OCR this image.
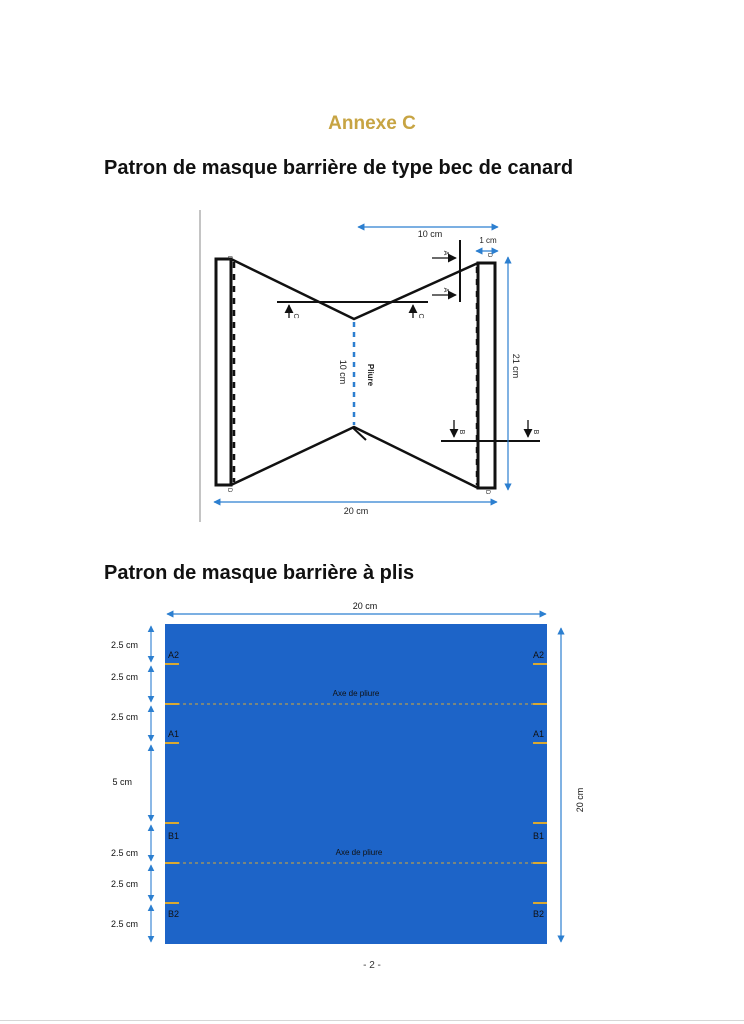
Annexe C
Patron de masque barrière de type bec de canard
Patron de masque barrière à plis
Pliure
10 cm
C	C
A
A
B	B
D
D
D
D
10 cm
1 cm
21 cm
20 cm
Axe de pliure
Axe de pliure
A2	A2
A1	A1
B1	B1
B2	B2
20 cm
20 cm
2.5 cm
2.5 cm
2.5 cm
5 cm
2.5 cm
2.5 cm
2.5 cm
- 2 -
